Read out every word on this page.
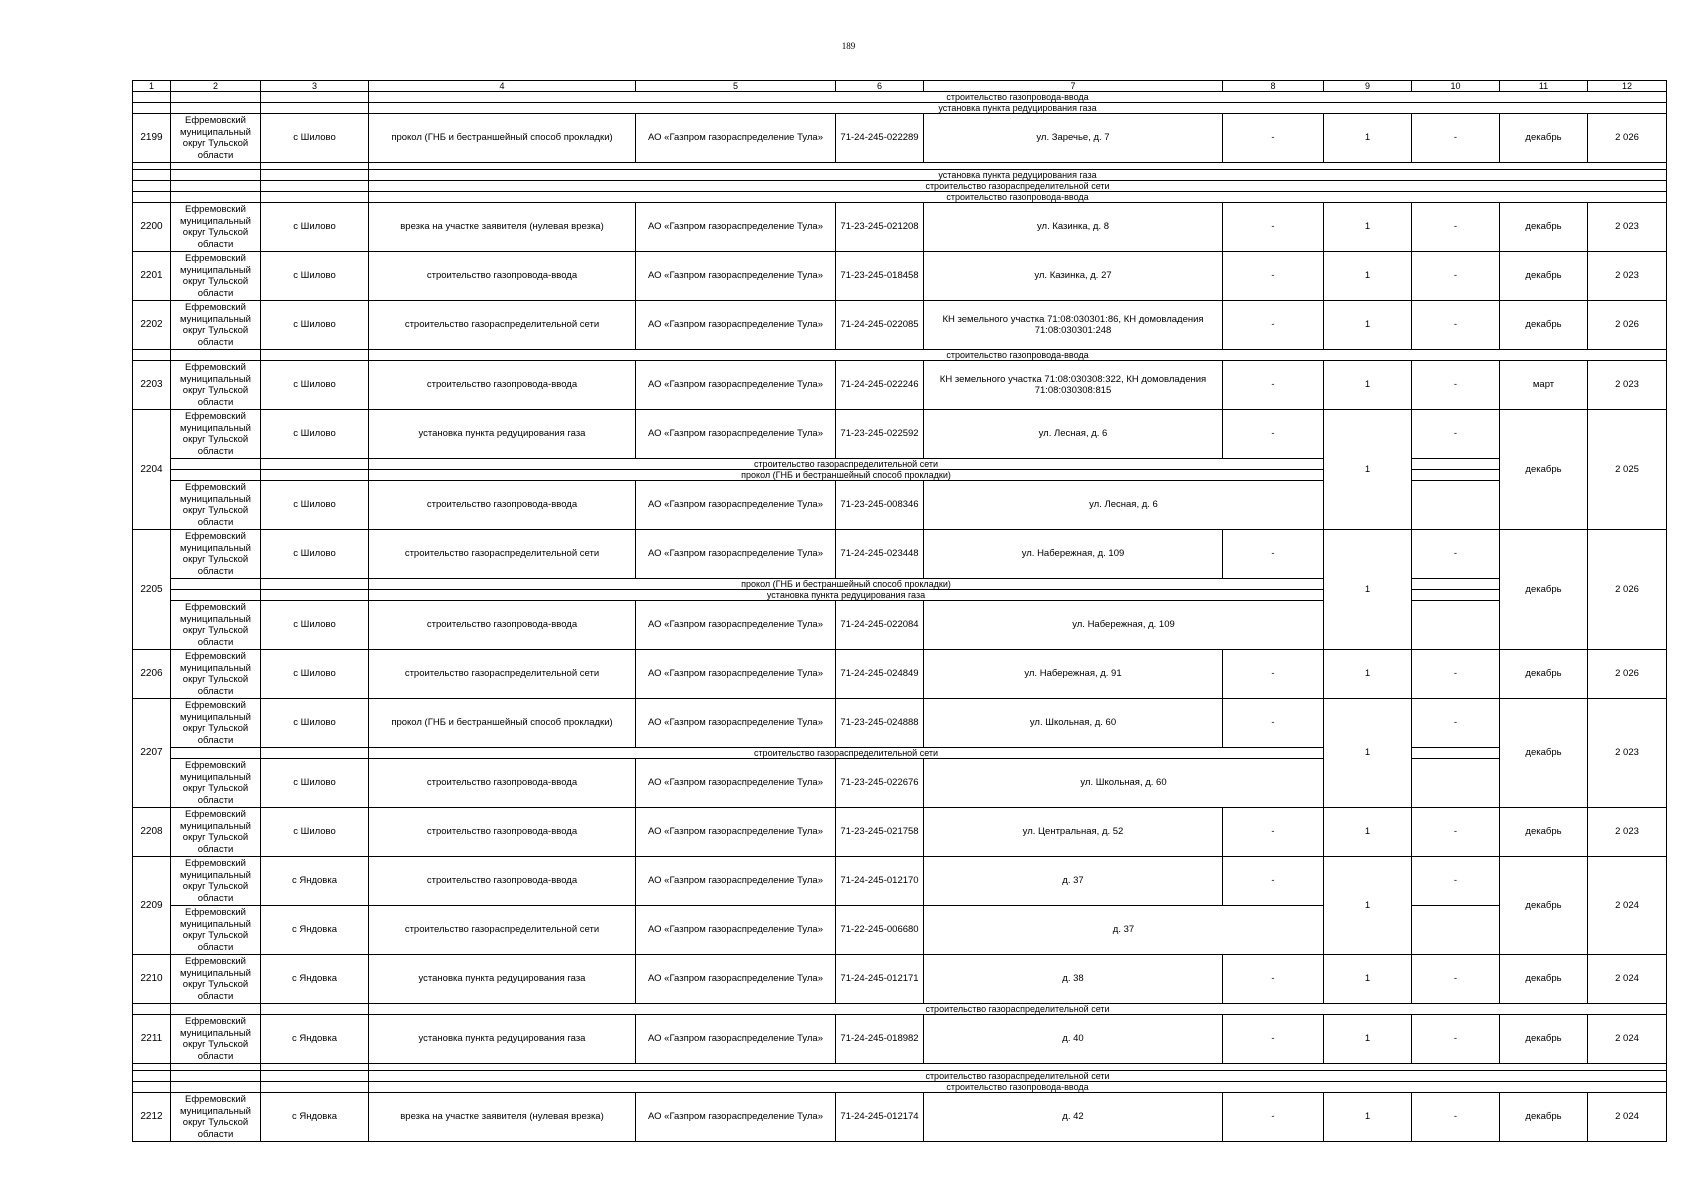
189
1	2	3	4	5	6	7	8	9	10	11	12
			строительство газопровода-ввода								
			установка пункта редуцирования газа								
2199	Ефремовский муниципальный округ Тульской области	с Шилово	прокол (ГНБ и бестраншейный способ прокладки)	АО «Газпром газораспределение Тула»	71-24-245-022289	ул. Заречье, д. 7	-	1	-	декабрь	2 026

			установка пункта редуцирования газа								
			строительство газораспределительной сети								
			строительство газопровода-ввода								
2200	Ефремовский муниципальный округ Тульской области	с Шилово	врезка на участке заявителя (нулевая врезка)	АО «Газпром газораспределение Тула»	71-23-245-021208	ул. Казинка, д. 8	-	1	-	декабрь	2 023
2201	Ефремовский муниципальный округ Тульской области	с Шилово	строительство газопровода-ввода	АО «Газпром газораспределение Тула»	71-23-245-018458	ул. Казинка, д. 27	-	1	-	декабрь	2 023
2202	Ефремовский муниципальный округ Тульской области	с Шилово	строительство газораспределительной сети	АО «Газпром газораспределение Тула»	71-24-245-022085	КН земельного участка 71:08:030301:86, КН домовладения 71:08:030301:248	-	1	-	декабрь	2 026
			строительство газопровода-ввода								
2203	Ефремовский муниципальный округ Тульской области	с Шилово	строительство газопровода-ввода	АО «Газпром газораспределение Тула»	71-24-245-022246	КН земельного участка 71:08:030308:322, КН домовладения 71:08:030308:815	-	1	-	март	2 023
2204	Ефремовский муниципальный округ Тульской области	с Шилово	установка пункта редуцирования газа	АО «Газпром газораспределение Тула»	71-23-245-022592	ул. Лесная, д. 6	-	1	-	декабрь	2 025
			строительство газораспределительной сети								
			прокол (ГНБ и бестраншейный способ прокладки)								
	Ефремовский муниципальный округ Тульской области	с Шилово	строительство газопровода-ввода	АО «Газпром газораспределение Тула»	71-23-245-008346	ул. Лесная, д. 6					
2205	Ефремовский муниципальный округ Тульской области	с Шилово	строительство газораспределительной сети	АО «Газпром газораспределение Тула»	71-24-245-023448	ул. Набережная, д. 109	-	1	-	декабрь	2 026
			прокол (ГНБ и бестраншейный способ прокладки)								
			установка пункта редуцирования газа								
	Ефремовский муниципальный округ Тульской области	с Шилово	строительство газопровода-ввода	АО «Газпром газораспределение Тула»	71-24-245-022084	ул. Набережная, д. 109					
2206	Ефремовский муниципальный округ Тульской области	с Шилово	строительство газораспределительной сети	АО «Газпром газораспределение Тула»	71-24-245-024849	ул. Набережная, д. 91	-	1	-	декабрь	2 026
2207	Ефремовский муниципальный округ Тульской области	с Шилово	прокол (ГНБ и бестраншейный способ прокладки)	АО «Газпром газораспределение Тула»	71-23-245-024888	ул. Школьная, д. 60	-	1	-	декабрь	2 023
			строительство газораспределительной сети								
	Ефремовский муниципальный округ Тульской области	с Шилово	строительство газопровода-ввода	АО «Газпром газораспределение Тула»	71-23-245-022676	ул. Школьная, д. 60					
2208	Ефремовский муниципальный округ Тульской области	с Шилово	строительство газопровода-ввода	АО «Газпром газораспределение Тула»	71-23-245-021758	ул. Центральная, д. 52	-	1	-	декабрь	2 023
2209	Ефремовский муниципальный округ Тульской области	с Яндовка	строительство газопровода-ввода	АО «Газпром газораспределение Тула»	71-24-245-012170	д. 37	-	1	-	декабрь	2 024
	Ефремовский муниципальный округ Тульской области	с Яндовка	строительство газораспределительной сети	АО «Газпром газораспределение Тула»	71-22-245-006680	д. 37					
2210	Ефремовский муниципальный округ Тульской области	с Яндовка	установка пункта редуцирования газа	АО «Газпром газораспределение Тула»	71-24-245-012171	д. 38	-	1	-	декабрь	2 024
			строительство газораспределительной сети								
2211	Ефремовский муниципальный округ Тульской области	с Яндовка	установка пункта редуцирования газа	АО «Газпром газораспределение Тула»	71-24-245-018982	д. 40	-	1	-	декабрь	2 024

			строительство газораспределительной сети								
			строительство газопровода-ввода								
2212	Ефремовский муниципальный округ Тульской области	с Яндовка	врезка на участке заявителя (нулевая врезка)	АО «Газпром газораспределение Тула»	71-24-245-012174	д. 42	-	1	-	декабрь	2 024
